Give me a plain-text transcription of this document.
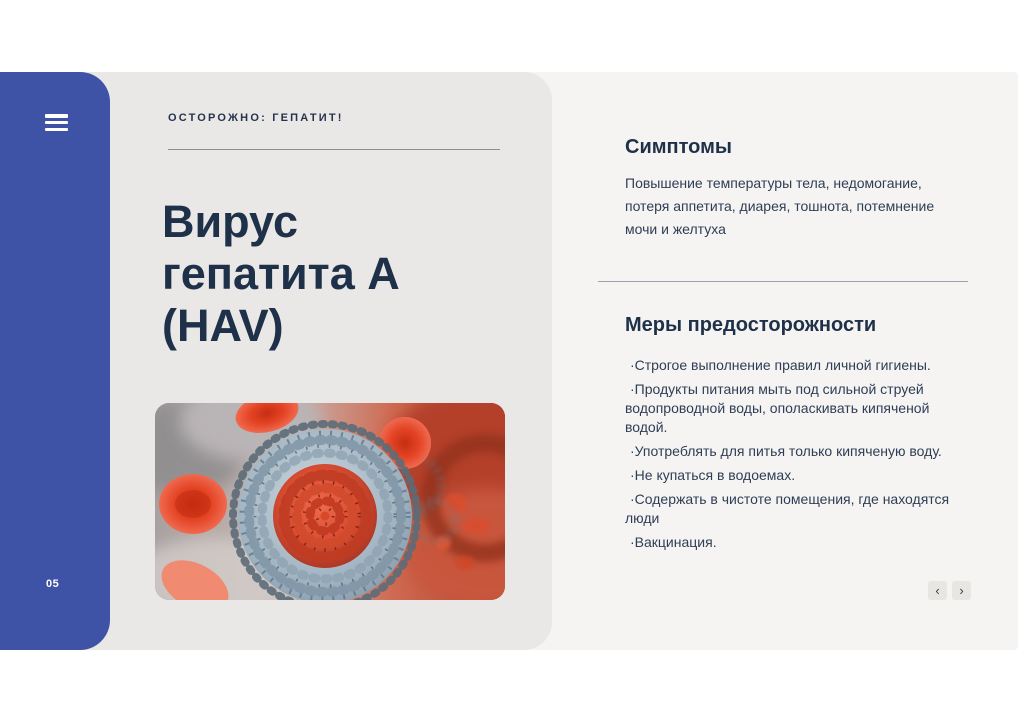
05
ОСТОРОЖНО: ГЕПАТИТ!
Вирус
гепатита А
(HAV)
Симптомы

Повышение температуры тела, недомогание, потеря аппетита, диарея, тошнота, потемнение мочи и желтуха

Меры предосторожности
·Строгое выполнение правил личной гигиены.
·Продукты питания мыть под сильной струей водопроводной воды, ополаскивать кипяченой водой.
·Употреблять для питья только кипяченую воду.
·Не купаться в водоемах.
·Содержать в чистоте помещения, где находятся люди
·Вакцинация.
‹	›
